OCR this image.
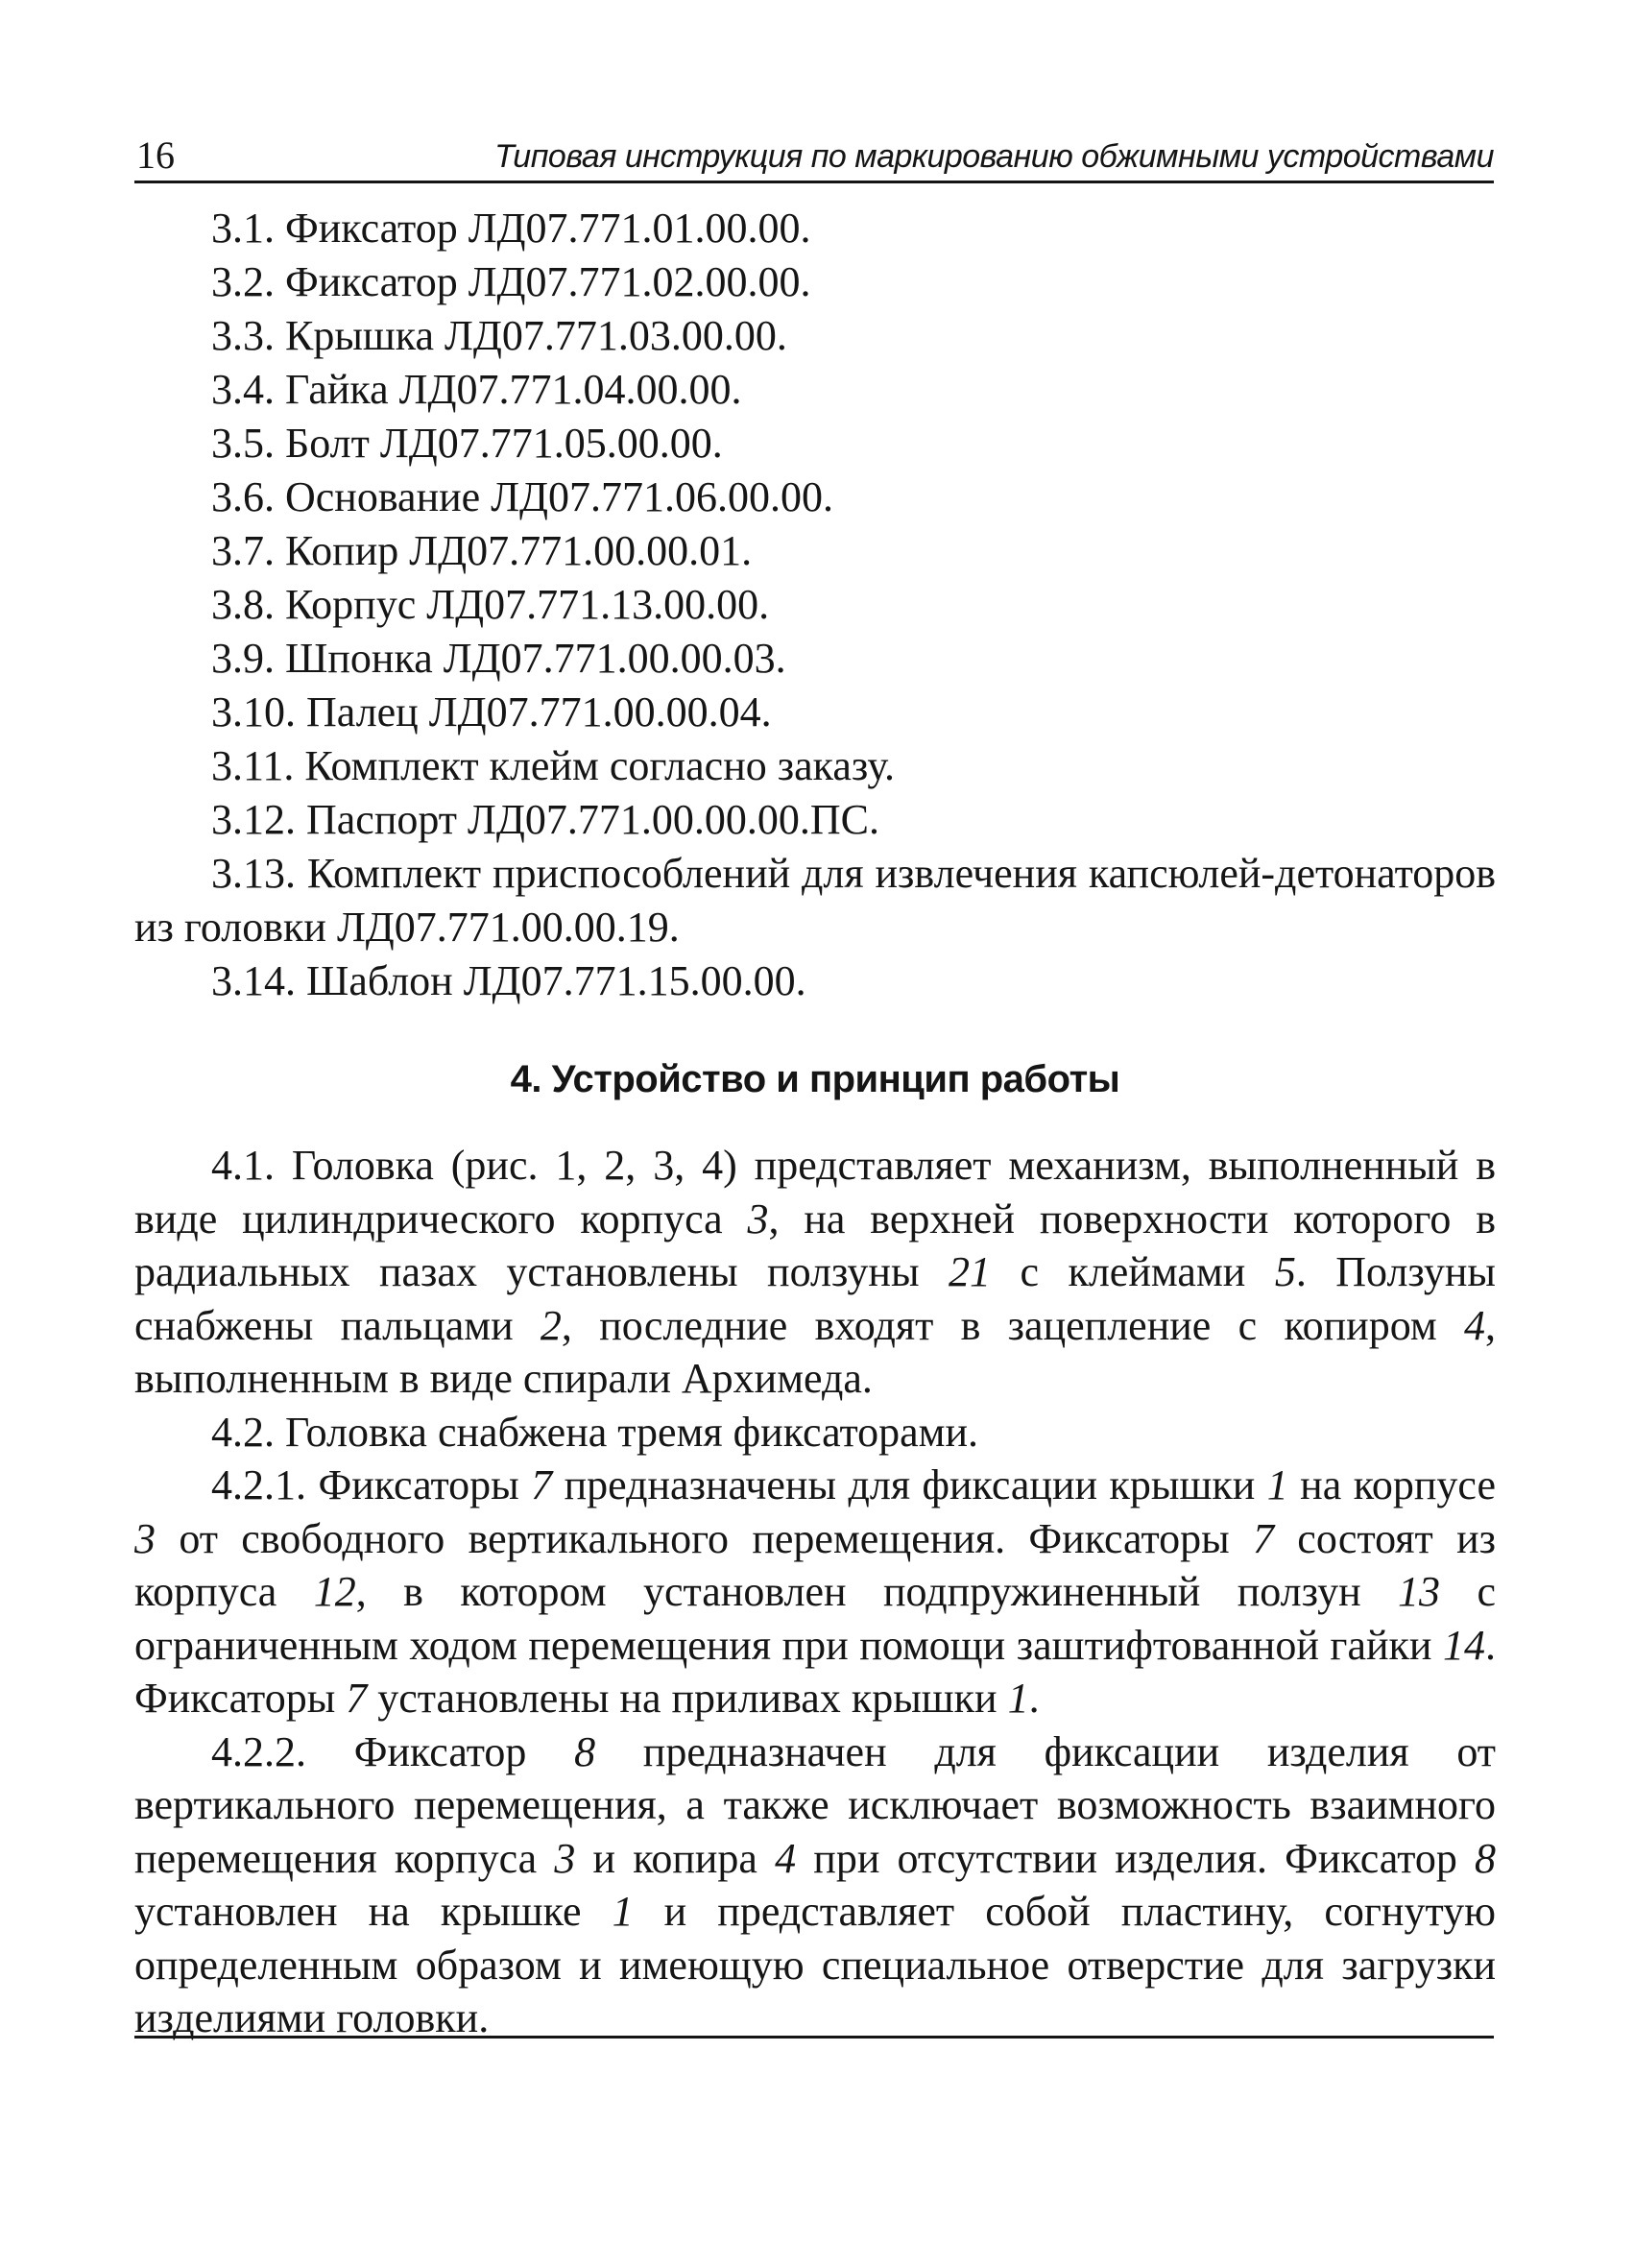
16	Типовая инструкция по маркированию обжимными устройствами
3.1. Фиксатор ЛД07.771.01.00.00.
3.2. Фиксатор ЛД07.771.02.00.00.
3.3. Крышка ЛД07.771.03.00.00.
3.4. Гайка ЛД07.771.04.00.00.
3.5. Болт ЛД07.771.05.00.00.
3.6. Основание ЛД07.771.06.00.00.
3.7. Копир ЛД07.771.00.00.01.
3.8. Корпус ЛД07.771.13.00.00.
3.9. Шпонка ЛД07.771.00.00.03.
3.10. Палец ЛД07.771.00.00.04.
3.11. Комплект клейм согласно заказу.
3.12. Паспорт ЛД07.771.00.00.00.ПС.

3.13. Комплект приспособлений для извлечения капсюлей-детонаторов из головки ЛД07.771.00.00.19.

3.14. Шаблон ЛД07.771.15.00.00.
4. Устройство и принцип работы

4.1. Головка (рис. 1, 2, 3, 4) представляет механизм, выполненный в виде цилиндрического корпуса 3, на верхней поверхности которого в радиальных пазах установлены ползуны 21 с клеймами 5. Ползуны снабжены пальцами 2, последние входят в зацепление с копиром 4, выполненным в виде спирали Архимеда.

4.2. Головка снабжена тремя фиксаторами.

4.2.1. Фиксаторы 7 предназначены для фиксации крышки 1 на корпусе 3 от свободного вертикального перемещения. Фиксаторы 7 состоят из корпуса 12, в котором установлен подпружиненный ползун 13 с ограниченным ходом перемещения при помощи заштифтованной гайки 14. Фиксаторы 7 установлены на приливах крышки 1.

4.2.2. Фиксатор 8 предназначен для фиксации изделия от вертикального перемещения, а также исключает возможность взаимного перемещения корпуса 3 и копира 4 при отсутствии изделия. Фиксатор 8 установлен на крышке 1 и представляет собой пластину, согнутую определенным образом и имеющую специальное отверстие для загрузки изделиями головки.
